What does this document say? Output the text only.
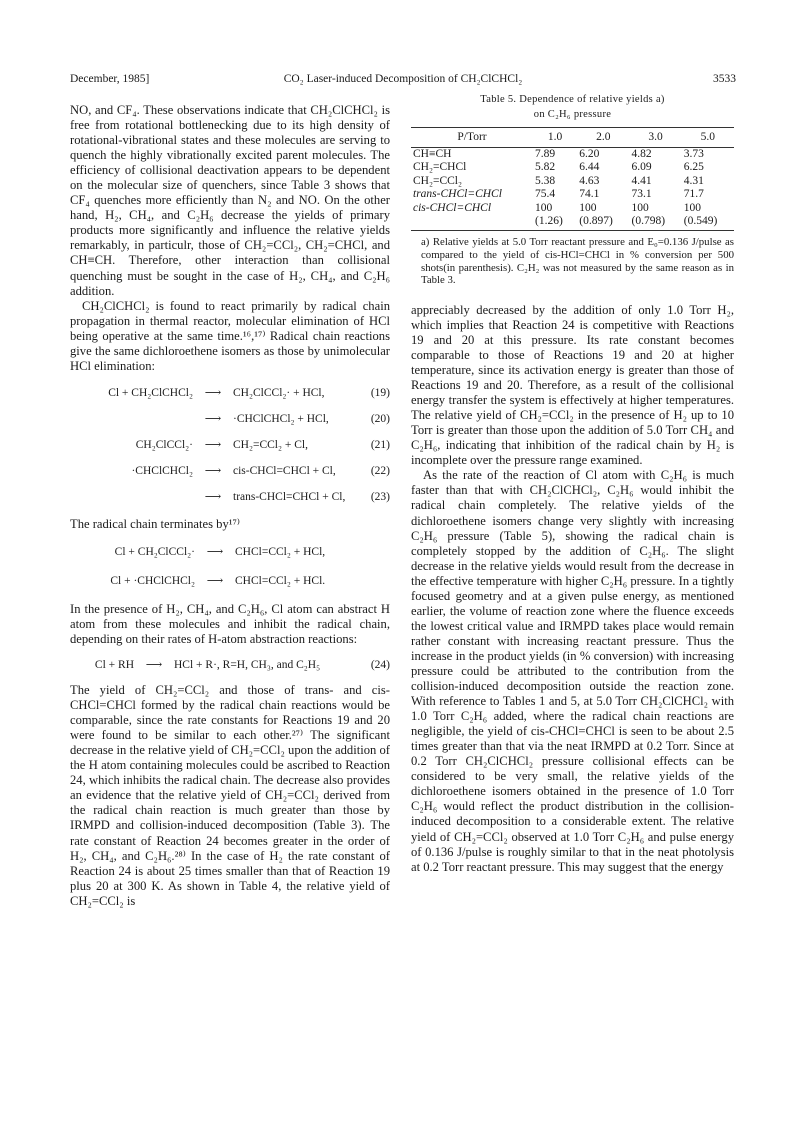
December, 1985]	CO₂ Laser-induced Decomposition of CH₂ClCHCl₂	3533

NO, and CF₄. These observations indicate that CH₂ClCHCl₂ is free from rotational bottlenecking due to its high density of rotational-vibrational states and these molecules are serving to quench the highly vibrationally excited parent molecules. The efficiency of collisional deactivation appears to be dependent on the molecular size of quenchers, since Table 3 shows that CF₄ quenches more efficiently than N₂ and NO. On the other hand, H₂, CH₄, and C₂H₆ decrease the yields of primary products more significantly and influence the relative yields remarkably, in particulr, those of CH₂=CCl₂, CH₂=CHCl, and CH≡CH. Therefore, other interaction than collisional quenching must be sought in the case of H₂, CH₄, and C₂H₆ addition.

CH₂ClCHCl₂ is found to react primarily by radical chain propagation in thermal reactor, molecular elimination of HCl being operative at the same time.¹⁶,¹⁷⁾ Radical chain reactions give the same dichloroethene isomers as those by unimolecular HCl elimination:

Cl + CH₂ClCHCl₂	⟶	CH₂ClCCl₂· + HCl,	(19)
⟶	·CHClCHCl₂ + HCl,	(20)
CH₂ClCCl₂·	⟶	CH₂=CCl₂ + Cl,	(21)
·CHClCHCl₂	⟶	cis-CHCl=CHCl + Cl,	(22)
⟶	trans-CHCl=CHCl + Cl,	(23)

The radical chain terminates by¹⁷⁾

Cl + CH₂ClCCl₂·	⟶	CHCl=CCl₂ + HCl,
Cl + ·CHClCHCl₂	⟶	CHCl=CCl₂ + HCl.

In the presence of H₂, CH₄, and C₂H₆, Cl atom can abstract H atom from these molecules and inhibit the radical chain, depending on their rates of H-atom abstraction reactions:

Cl + RH	⟶	HCl + R·, R=H, CH₃, and C₂H₅	(24)

The yield of CH₂=CCl₂ and those of trans- and cis-CHCl=CHCl formed by the radical chain reactions would be comparable, since the rate constants for Reactions 19 and 20 were found to be similar to each other.²⁷⁾ The significant decrease in the relative yield of CH₂=CCl₂ upon the addition of the H atom containing molecules could be ascribed to Reaction 24, which inhibits the radical chain. The decrease also provides an evidence that the relative yield of CH₂=CCl₂ derived from the radical chain reaction is much greater than those by IRMPD and collision-induced decomposition (Table 3). The rate constant of Reaction 24 becomes greater in the order of H₂, CH₄, and C₂H₆.²⁸⁾ In the case of H₂ the rate constant of Reaction 24 is about 25 times smaller than that of Reaction 19 plus 20 at 300 K. As shown in Table 4, the relative yield of CH₂=CCl₂ is

Table 5. Dependence of relative yields a)
on C₂H₆ pressure
P/Torr	1.0	2.0	3.0	5.0
CH≡CH	7.89	6.20	4.82	3.73
CH₂=CHCl	5.82	6.44	6.09	6.25
CH₂=CCl₂	5.38	4.63	4.41	4.31
trans-CHCl=CHCl	75.4	74.1	73.1	71.7
cis-CHCl=CHCl	100	100	100	100
	(1.26)	(0.897)	(0.798)	(0.549)
a) Relative yields at 5.0 Torr reactant pressure and E₀=0.136 J/pulse as compared to the yield of cis-HCl=CHCl in % conversion per 500 shots(in parenthesis). C₂H₂ was not measured by the same reason as in Table 3.

appreciably decreased by the addition of only 1.0 Torr H₂, which implies that Reaction 24 is competitive with Reactions 19 and 20 at this pressure. Its rate constant becomes comparable to those of Reactions 19 and 20 at higher temperature, since its activation energy is greater than those of Reactions 19 and 20. Therefore, as a result of the collisional energy transfer the system is effectively at higher temperatures. The relative yield of CH₂=CCl₂ in the presence of H₂ up to 10 Torr is greater than those upon the addition of 5.0 Torr CH₄ and C₂H₆, indicating that inhibition of the radical chain by H₂ is incomplete over the pressure range examined.

As the rate of the reaction of Cl atom with C₂H₆ is much faster than that with CH₂ClCHCl₂, C₂H₆ would inhibit the radical chain completely. The relative yields of the dichloroethene isomers change very slightly with increasing C₂H₆ pressure (Table 5), showing the radical chain is completely stopped by the addition of C₂H₆. The slight decrease in the relative yields would result from the decrease in the effective temperature with higher C₂H₆ pressure. In a tightly focused geometry and at a given pulse energy, as mentioned earlier, the volume of reaction zone where the fluence exceeds the lowest critical value and IRMPD takes place would remain rather constant with increasing reactant pressure. Thus the increase in the product yields (in % conversion) with increasing pressure could be attributed to the contribution from the collision-induced decomposition outside the reaction zone. With reference to Tables 1 and 5, at 5.0 Torr CH₂ClCHCl₂ with 1.0 Torr C₂H₆ added, where the radical chain reactions are negligible, the yield of cis-CHCl=CHCl is seen to be about 2.5 times greater than that via the neat IRMPD at 0.2 Torr. Since at 0.2 Torr CH₂ClCHCl₂ pressure collisional effects can be considered to be very small, the relative yields of the dichloroethene isomers obtained in the presence of 1.0 Torr C₂H₆ would reflect the product distribution in the collision-induced decomposition to a considerable extent. The relative yield of CH₂=CCl₂ observed at 1.0 Torr C₂H₆ and pulse energy of 0.136 J/pulse is roughly similar to that in the neat photolysis at 0.2 Torr reactant pressure. This may suggest that the energy
